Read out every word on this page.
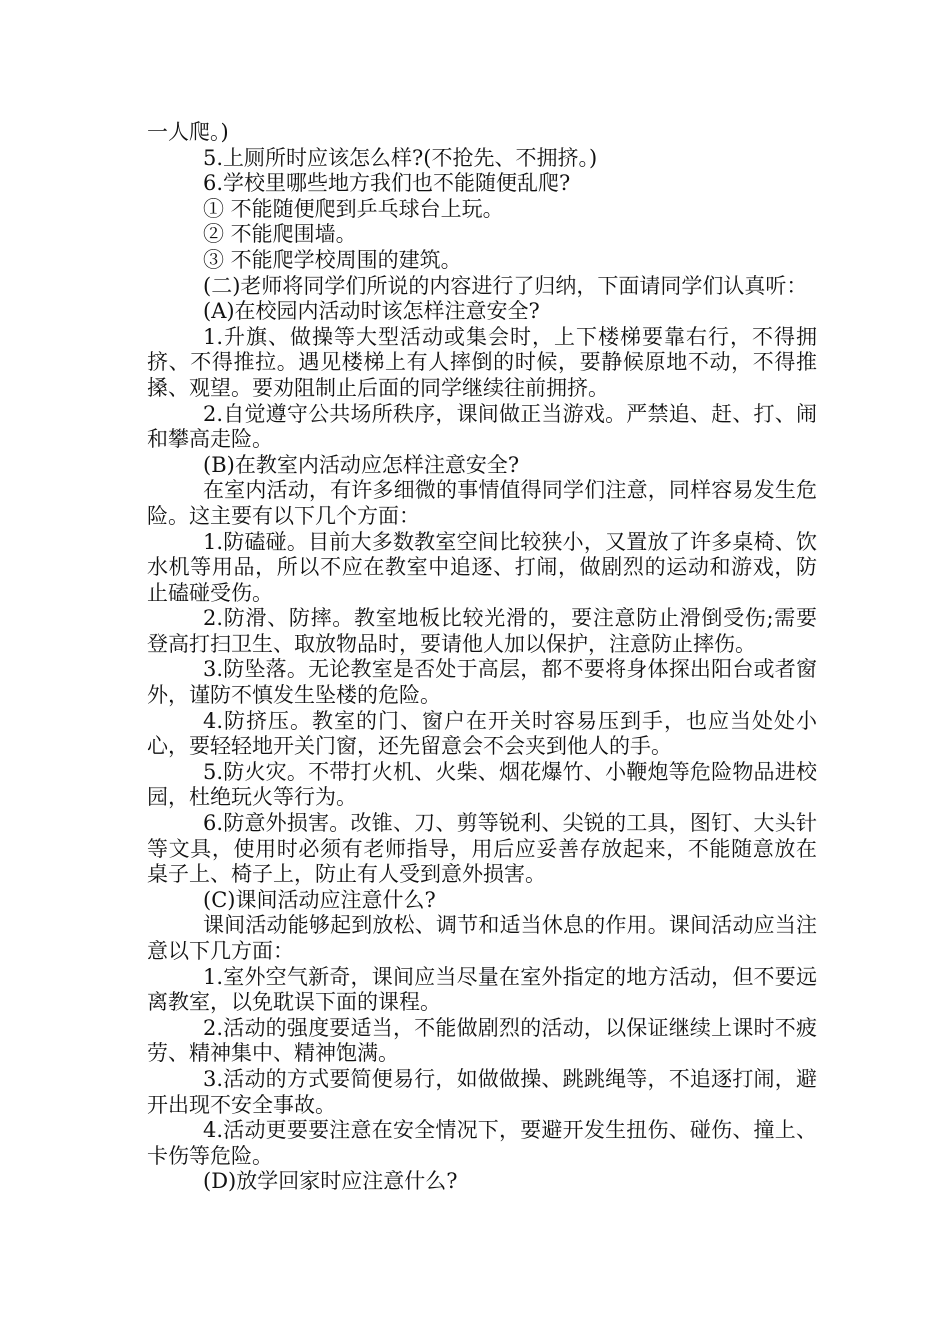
一人爬。)

5.上厕所时应该怎么样?(不抢先、不拥挤。)

6.学校里哪些地方我们也不能随便乱爬?

① 不能随便爬到乒乓球台上玩。

② 不能爬围墙。

③ 不能爬学校周围的建筑。

(二)老师将同学们所说的内容进行了归纳，下面请同学们认真听：

(A)在校园内活动时该怎样注意安全?

1.升旗、做操等大型活动或集会时，上下楼梯要靠右行，不得拥挤、不得推拉。遇见楼梯上有人摔倒的时候，要静候原地不动，不得推搡、观望。要劝阻制止后面的同学继续往前拥挤。

2.自觉遵守公共场所秩序，课间做正当游戏。严禁追、赶、打、闹和攀高走险。

(B)在教室内活动应怎样注意安全?

在室内活动，有许多细微的事情值得同学们注意，同样容易发生危险。这主要有以下几个方面：

1.防磕碰。目前大多数教室空间比较狭小，又置放了许多桌椅、饮水机等用品，所以不应在教室中追逐、打闹，做剧烈的运动和游戏，防止磕碰受伤。

2.防滑、防摔。教室地板比较光滑的，要注意防止滑倒受伤;需要登高打扫卫生、取放物品时，要请他人加以保护，注意防止摔伤。

3.防坠落。无论教室是否处于高层，都不要将身体探出阳台或者窗外，谨防不慎发生坠楼的危险。

4.防挤压。教室的门、窗户在开关时容易压到手，也应当处处小心，要轻轻地开关门窗，还先留意会不会夹到他人的手。

5.防火灾。不带打火机、火柴、烟花爆竹、小鞭炮等危险物品进校园，杜绝玩火等行为。

6.防意外损害。改锥、刀、剪等锐利、尖锐的工具，图钉、大头针等文具，使用时必须有老师指导，用后应妥善存放起来，不能随意放在桌子上、椅子上，防止有人受到意外损害。

(C)课间活动应注意什么?

课间活动能够起到放松、调节和适当休息的作用。课间活动应当注意以下几方面：

1.室外空气新奇，课间应当尽量在室外指定的地方活动，但不要远离教室，以免耽误下面的课程。

2.活动的强度要适当，不能做剧烈的活动，以保证继续上课时不疲劳、精神集中、精神饱满。

3.活动的方式要简便易行，如做做操、跳跳绳等，不追逐打闹，避开出现不安全事故。

4.活动更要要注意在安全情况下，要避开发生扭伤、碰伤、撞上、卡伤等危险。

(D)放学回家时应注意什么?
